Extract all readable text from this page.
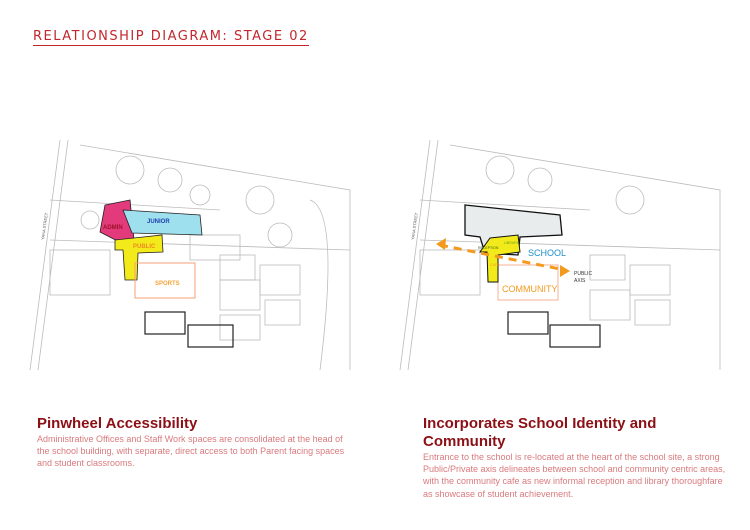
RELATIONSHIP DIAGRAM: STAGE 02
YANA STREET	ADMIN
JUNIOR
PUBLIC
SPORTS
YANA STREET
RECEPTION
LIBRARY
CAFE
SCHOOL
COMMUNITY
PUBLIC
AXIS
Pinwheel Accessibility

Administrative Offices and Staff Work spaces are consolidated at the head of the school building, with separate, direct access to both Parent facing spaces and student classrooms.

Incorporates School Identity and Community

Entrance to the school is re-located at the heart of the school site, a strong Public/Private axis delineates between school and community centric areas, with the community cafe as new informal reception and library thoroughfare as showcase of student achievement.
